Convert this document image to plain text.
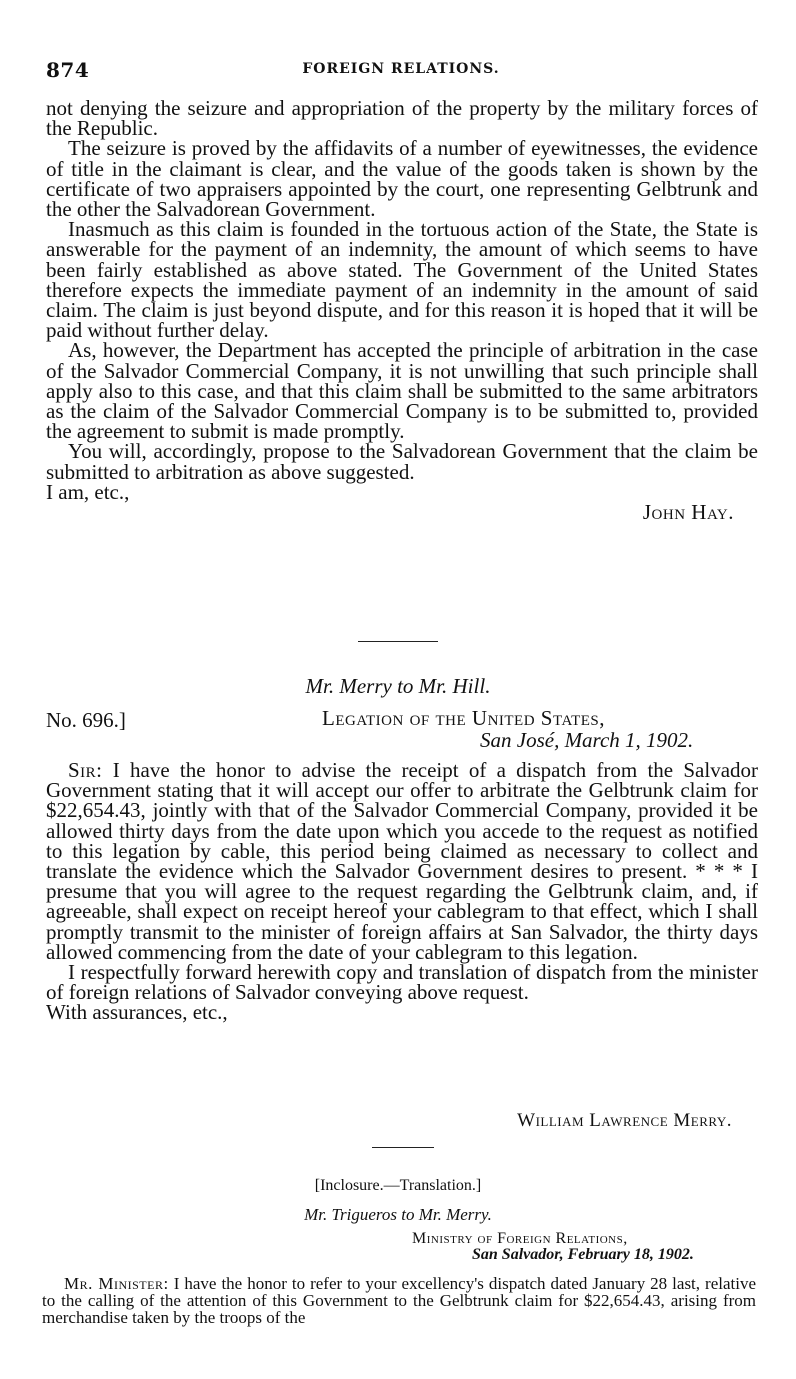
874	FOREIGN RELATIONS.

not denying the seizure and appropriation of the property by the military forces of the Republic.

The seizure is proved by the affidavits of a number of eyewitnesses, the evidence of title in the claimant is clear, and the value of the goods taken is shown by the certificate of two appraisers appointed by the court, one representing Gelbtrunk and the other the Salvadorean Government.

Inasmuch as this claim is founded in the tortuous action of the State, the State is answerable for the payment of an indemnity, the amount of which seems to have been fairly established as above stated. The Government of the United States therefore expects the immediate payment of an indemnity in the amount of said claim. The claim is just beyond dispute, and for this reason it is hoped that it will be paid without further delay.

As, however, the Department has accepted the principle of arbitration in the case of the Salvador Commercial Company, it is not unwilling that such principle shall apply also to this case, and that this claim shall be submitted to the same arbitrators as the claim of the Salvador Commercial Company is to be submitted to, provided the agreement to submit is made promptly.

You will, accordingly, propose to the Salvadorean Government that the claim be submitted to arbitration as above suggested.

I am, etc.,

John Hay.

Mr. Merry to Mr. Hill.
No. 696.]	Legation of the United States,
San José, March 1, 1902.

Sir: I have the honor to advise the receipt of a dispatch from the Salvador Government stating that it will accept our offer to arbitrate the Gelbtrunk claim for $22,654.43, jointly with that of the Salvador Commercial Company, provided it be allowed thirty days from the date upon which you accede to the request as notified to this legation by cable, this period being claimed as necessary to collect and translate the evidence which the Salvador Government desires to present. * * * I presume that you will agree to the request regarding the Gelbtrunk claim, and, if agreeable, shall expect on receipt hereof your cablegram to that effect, which I shall promptly transmit to the minister of foreign affairs at San Salvador, the thirty days allowed commencing from the date of your cablegram to this legation.

I respectfully forward herewith copy and translation of dispatch from the minister of foreign relations of Salvador conveying above request.

With assurances, etc.,

William Lawrence Merry.
[Inclosure.—Translation.]
Mr. Trigueros to Mr. Merry.
Ministry of Foreign Relations,
San Salvador, February 18, 1902.

Mr. Minister: I have the honor to refer to your excellency's dispatch dated January 28 last, relative to the calling of the attention of this Government to the Gelbtrunk claim for $22,654.43, arising from merchandise taken by the troops of the
